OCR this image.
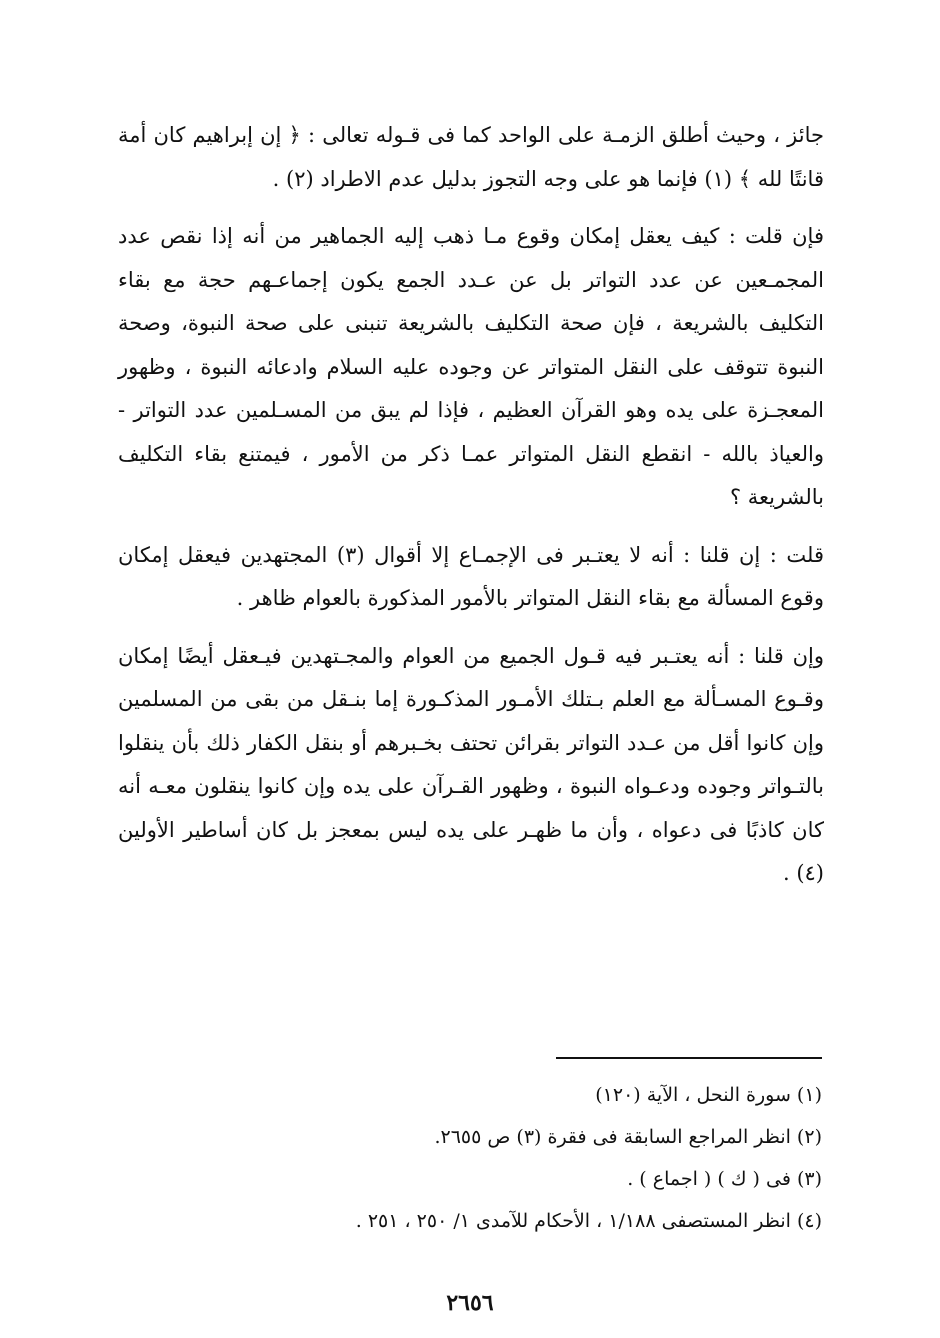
جائز ، وحيث أطلق الزمـة على الواحد كما فى قـوله تعالى : ﴿ إن إبراهيم كان أمة قانتًا لله ﴾ (١) فإنما هو على وجه التجوز بدليل عدم الاطراد (٢) .

فإن قلت : كيف يعقل إمكان وقوع مـا ذهب إليه الجماهير من أنه إذا نقص عدد المجمـعين عن عدد التواتر بل عن عـدد الجمع يكون إجماعـهم حجة مع بقاء التكليف بالشريعة ، فإن صحة التكليف بالشريعة تنبنى على صحة النبوة، وصحة النبوة تتوقف على النقل المتواتر عن وجوده عليه السلام وادعائه النبوة ، وظهور المعجـزة على يده وهو القرآن العظيم ، فإذا لم يبق من المسـلمين عدد التواتر - والعياذ بالله - انقطع النقل المتواتر عمـا ذكر من الأمور ، فيمتنع بقاء التكليف بالشريعة ؟

قلت : إن قلنا : أنه لا يعتـبر فى الإجمـاع إلا أقوال (٣) المجتهدين فيعقل إمكان وقوع المسألة مع بقاء النقل المتواتر بالأمور المذكورة بالعوام ظاهر .

وإن قلنا : أنه يعتـبر فيه قـول الجميع من العوام والمجـتهدين فيـعقل أيضًا إمكان وقـوع المسـألة مع العلم بـتلك الأمـور المذكـورة إما بنـقل من بقى من المسلمين وإن كانوا أقل من عـدد التواتر بقرائن تحتف بخـبرهم أو بنقل الكفار ذلك بأن ينقلوا بالتـواتر وجوده ودعـواه النبوة ، وظهور القـرآن على يده وإن كانوا ينقلون معـه أنه كان كاذبًا فى دعواه ، وأن ما ظهـر على يده ليس بمعجز بل كان أساطير الأولين (٤) .

(١) سورة النحل ، الآية (١٢٠)

(٢) انظر المراجع السابقة فى فقرة (٣) ص ٢٦٥٥.

(٣) فى ( ك ) ( اجماع ) .

(٤) انظر المستصفى ١/١٨٨ ، الأحكام للآمدى ١/ ٢٥٠ ، ٢٥١ .

٢٦٥٦
